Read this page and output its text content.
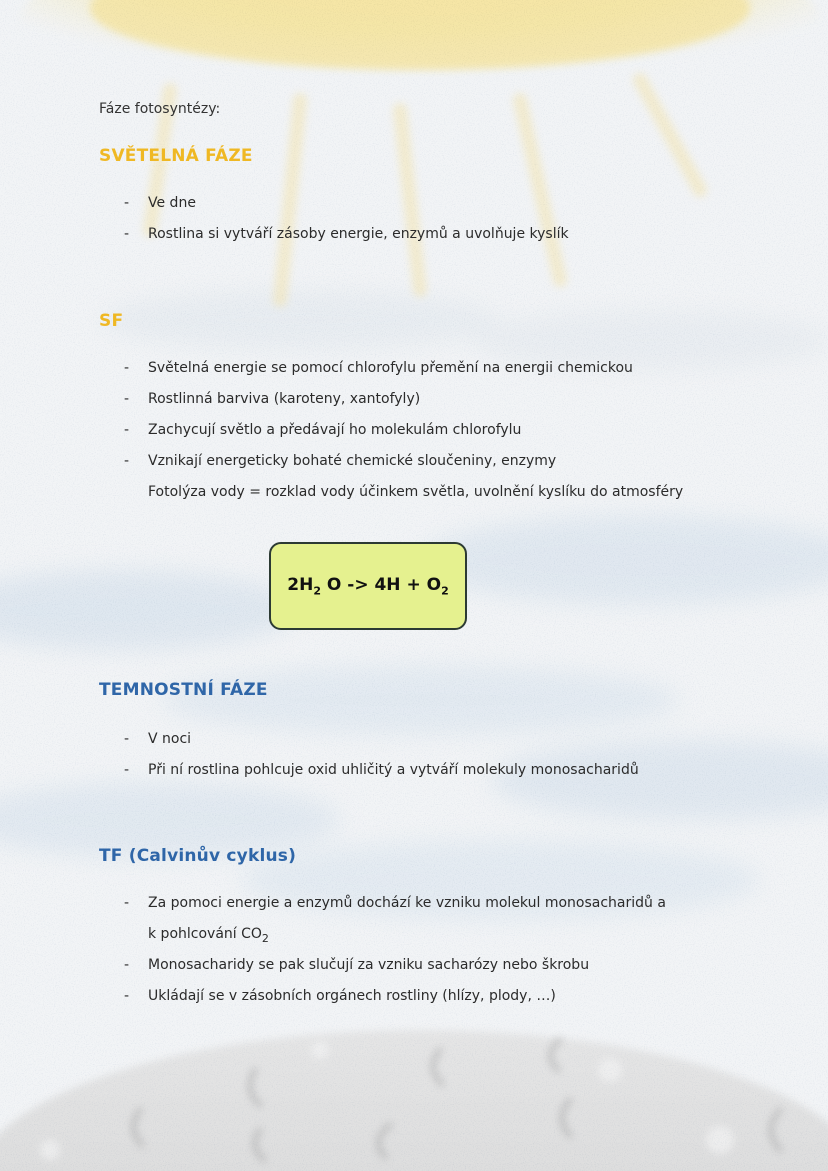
Fáze fotosyntézy:
SVĚTELNÁ FÁZE
- Ve dne
- Rostlina si vytváří zásoby energie, enzymů a uvolňuje kyslík
SF
- Světelná energie se pomocí chlorofylu přemění na energii chemickou
- Rostlinná barviva (karoteny, xantofyly)
- Zachycují světlo a předávají ho molekulám chlorofylu
- Vznikají energeticky bohaté chemické sloučeniny, enzymy
Fotolýza vody = rozklad vody účinkem světla, uvolnění kyslíku do atmosféry
$2H_2$ $O -> 4H + O_2$
TEMNOSTNÍ FÁZE
- V noci
- Při ní rostlina pohlcuje oxid uhličitý a vytváří molekuly monosacharidů
TF (Calvinův cyklus)
- Za pomoci energie a enzymů dochází ke vzniku molekul monosacharidů a
k pohlcování $CO_2$
- Monosacharidy se pak slučují za vzniku sacharózy nebo škrobu
- Ukládají se v zásobních orgánech rostliny (hlízy, plody, …)
